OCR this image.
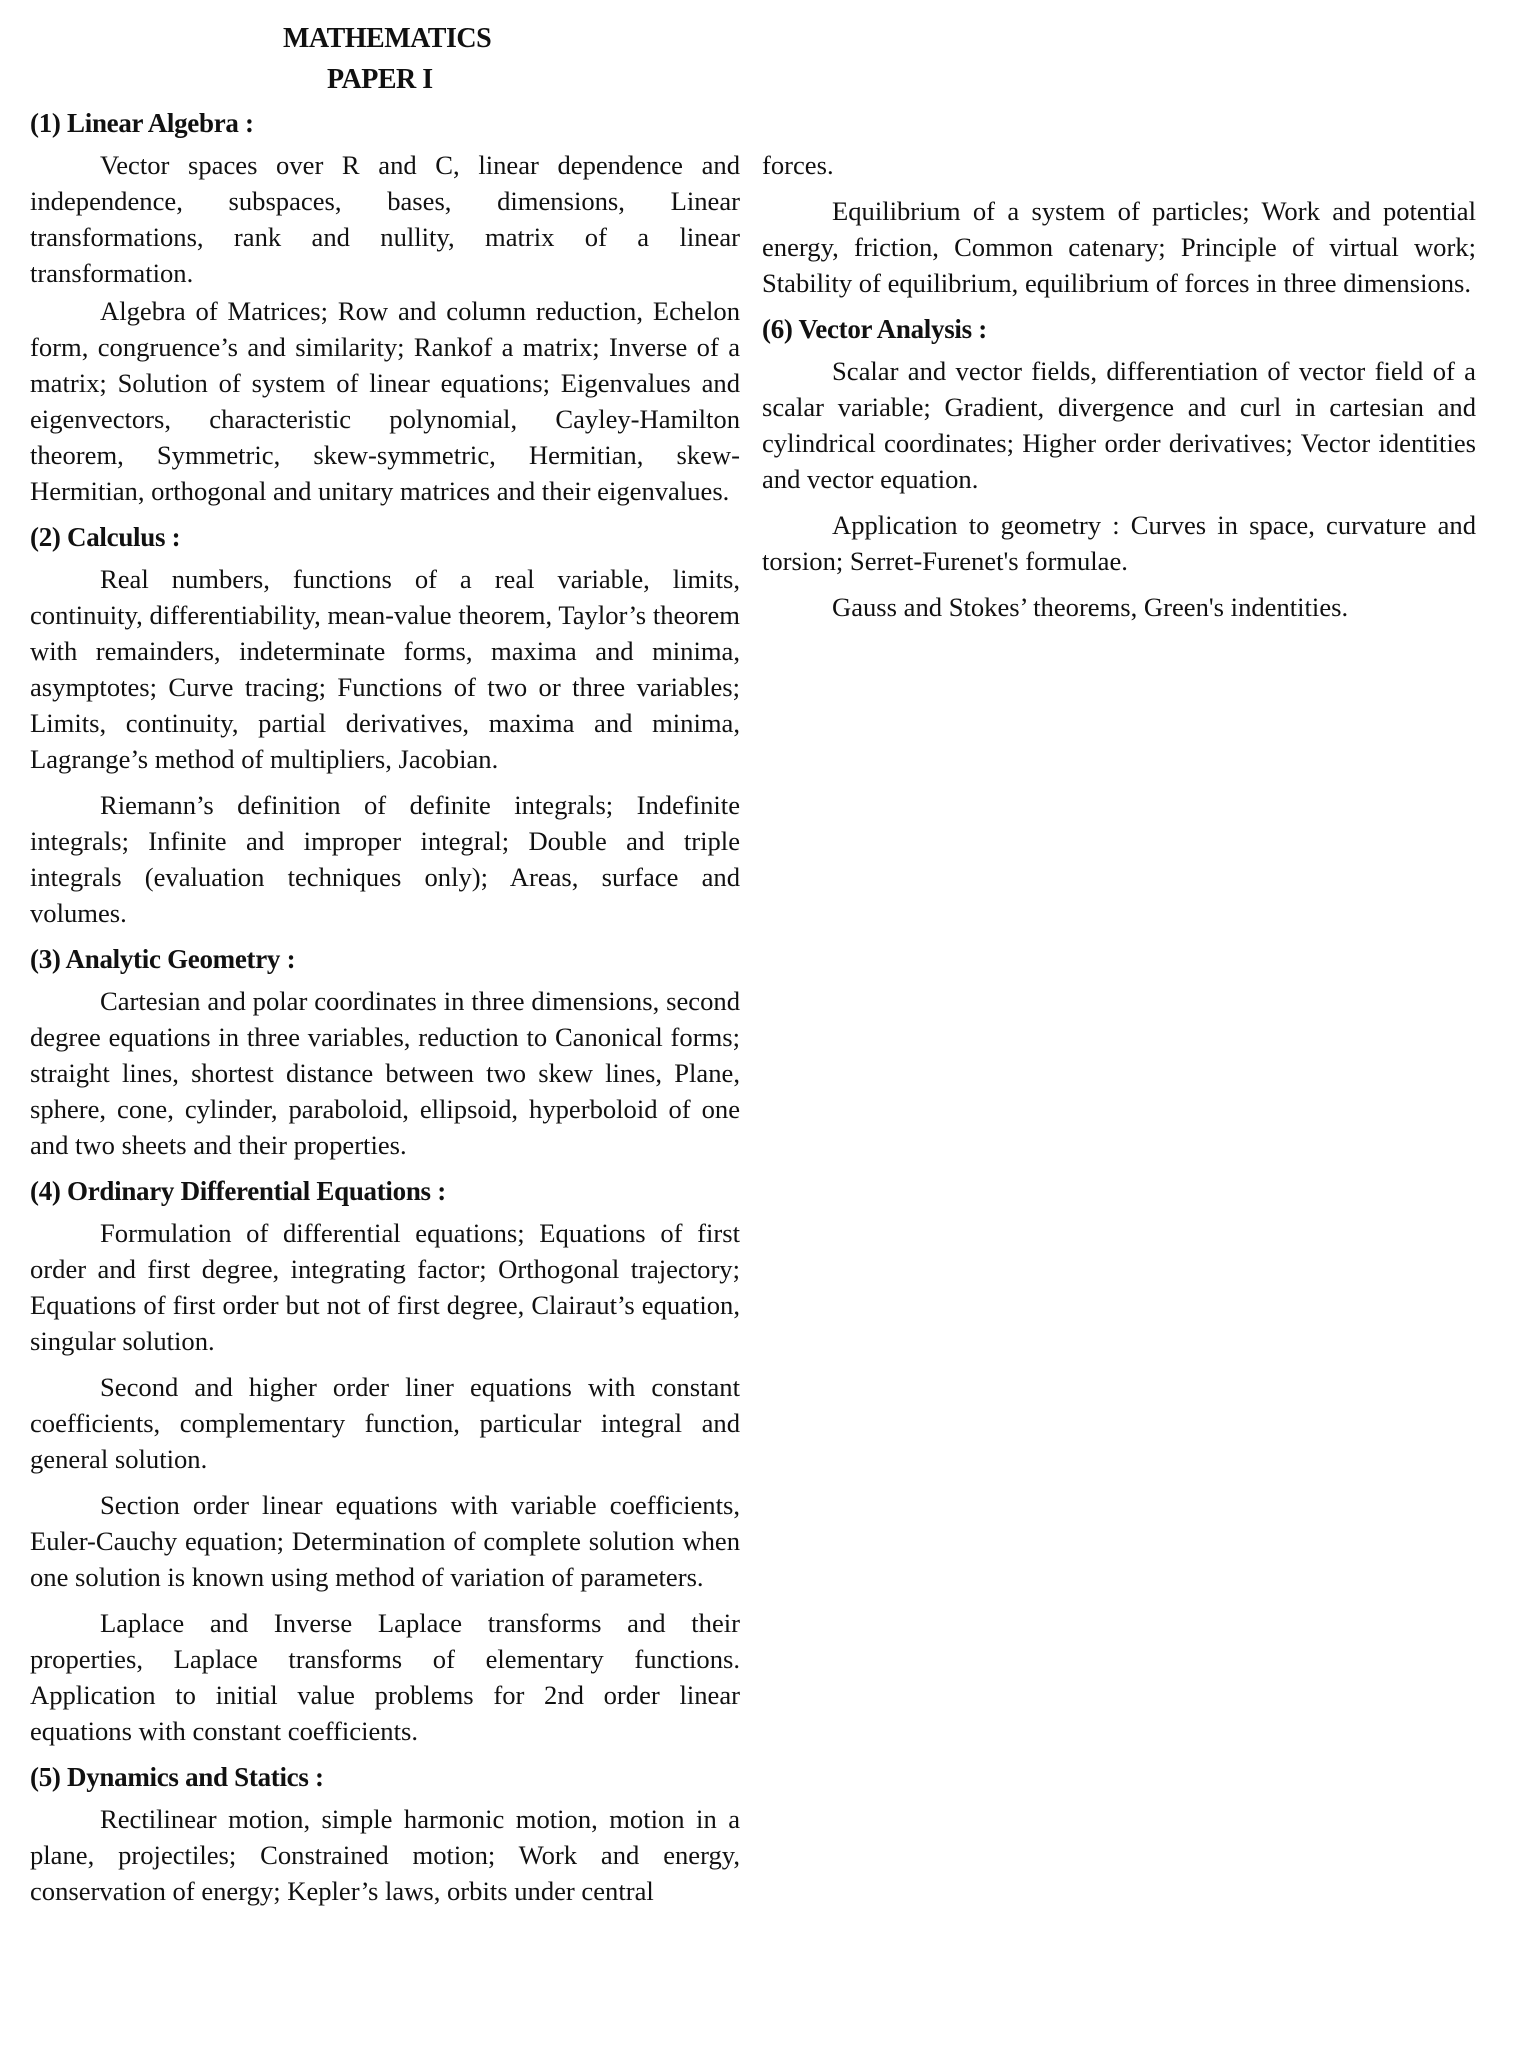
MATHEMATICS
PAPER I
(1) Linear Algebra :

Vector spaces over R and C, linear dependence and independence, subspaces, bases, dimensions, Linear transformations, rank and nullity, matrix of a linear transformation.

Algebra of Matrices; Row and column reduction, Echelon form, congruence’s and similarity; Rankof a matrix; Inverse of a matrix; Solution of system of linear equations; Eigenvalues and eigenvectors, characteristic polynomial, Cayley-Hamilton theorem, Symmetric, skew-symmetric, Hermitian, skew-Hermitian, orthogonal and unitary matrices and their eigenvalues.

(2) Calculus :

Real numbers, functions of a real variable, limits, continuity, differentiability, mean-value theorem, Taylor’s theorem with remainders, indeterminate forms, maxima and minima, asymptotes; Curve tracing; Functions of two or three variables; Limits, continuity, partial derivatives, maxima and minima, Lagrange’s method of multipliers, Jacobian.

Riemann’s definition of definite integrals; Indefinite integrals; Infinite and improper integral; Double and triple integrals (evaluation techniques only); Areas, surface and volumes.

(3) Analytic Geometry :

Cartesian and polar coordinates in three dimensions, second degree equations in three variables, reduction to Canonical forms; straight lines, shortest distance between two skew lines, Plane, sphere, cone, cylinder, paraboloid, ellipsoid, hyperboloid of one and two sheets and their properties.

(4) Ordinary Differential Equations :

Formulation of differential equations; Equations of first order and first degree, integrating factor; Orthogonal trajectory; Equations of first order but not of first degree, Clairaut’s equation, singular solution.

Second and higher order liner equations with constant coefficients, complementary function, particular integral and general solution.

Section order linear equations with variable coefficients, Euler-Cauchy equation; Determination of complete solution when one solution is known using method of variation of parameters.

Laplace and Inverse Laplace transforms and their properties, Laplace transforms of elementary functions. Application to initial value problems for 2nd order linear equations with constant coefficients.

(5) Dynamics and Statics :

Rectilinear motion, simple harmonic motion, motion in a plane, projectiles; Constrained motion; Work and energy, conservation of energy; Kepler’s laws, orbits under central

forces.

Equilibrium of a system of particles; Work and potential energy, friction, Common catenary; Principle of virtual work; Stability of equilibrium, equilibrium of forces in three dimensions.

(6) Vector Analysis :

Scalar and vector fields, differentiation of vector field of a scalar variable; Gradient, divergence and curl in cartesian and cylindrical coordinates; Higher order derivatives; Vector identities and vector equation.

Application to geometry : Curves in space, curvature and torsion; Serret-Furenet's formulae.

Gauss and Stokes’ theorems, Green's indentities.
